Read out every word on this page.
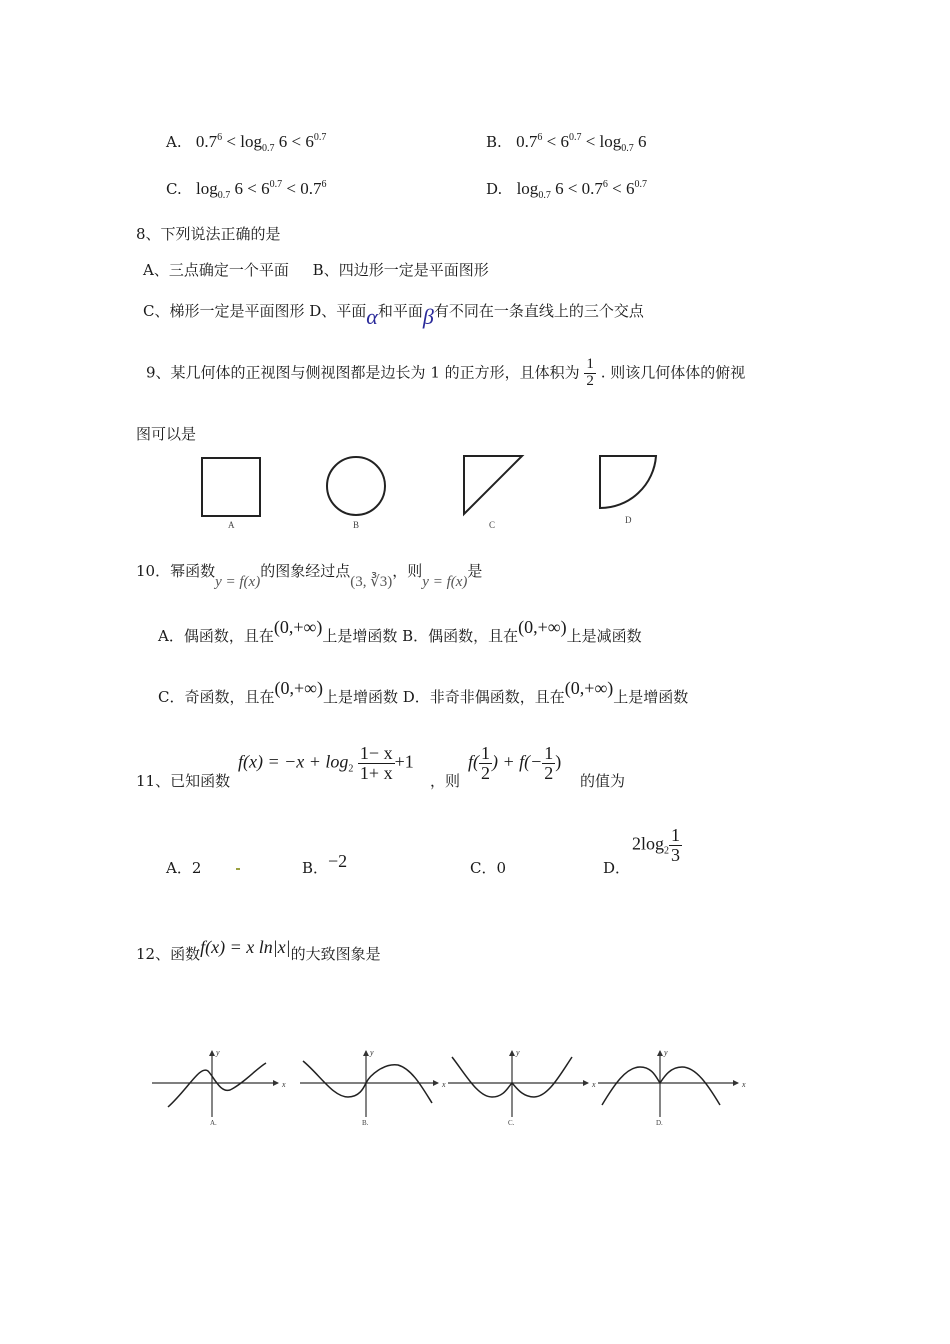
A. $0.7^6 < \log_{0.7} 6 < 6^{0.7}$	B. $0.7^6 < 6^{0.7} < \log_{0.7} 6$
C. $\log_{0.7} 6 < 6^{0.7} < 0.7^6$	D. $\log_{0.7} 6 < 0.7^6 < 6^{0.7}$
8、下列说法正确的是
A、三点确定一个平面     B、四边形一定是平面图形
C、梯形一定是平面图形 D、平面α和平面β有不同在一条直线上的三个交点
9、某几何体的正视图与侧视图都是边长为 1 的正方形，且体积为 $\frac{1}{2}$ . 则该几何体体的俯视
图可以是
A	B	C	D
10．幂函数y = f(x)的图象经过点(3, ∛3)，则y = f(x)是
A．偶函数，且在(0,+∞)上是增函数 B．偶函数，且在(0,+∞)上是减函数
C．奇函数，且在(0,+∞)上是增函数 D．非奇非偶函数，且在(0,+∞)上是增函数
11、已知函数
$f(x) = -x + \log_2 \frac{1- x}{1+ x} +1$
，则
$f( \frac{1}{2}$ ) + $f(- \frac{1}{2}$ )
的值为
A．2	B．−2	C．0	D．
$2\log_2 \frac{1}{3}$
12、函数f(x) = x ln|x|的大致图象是
x
y
A.
x
y
B.
x
y
C.
x
y
D.
